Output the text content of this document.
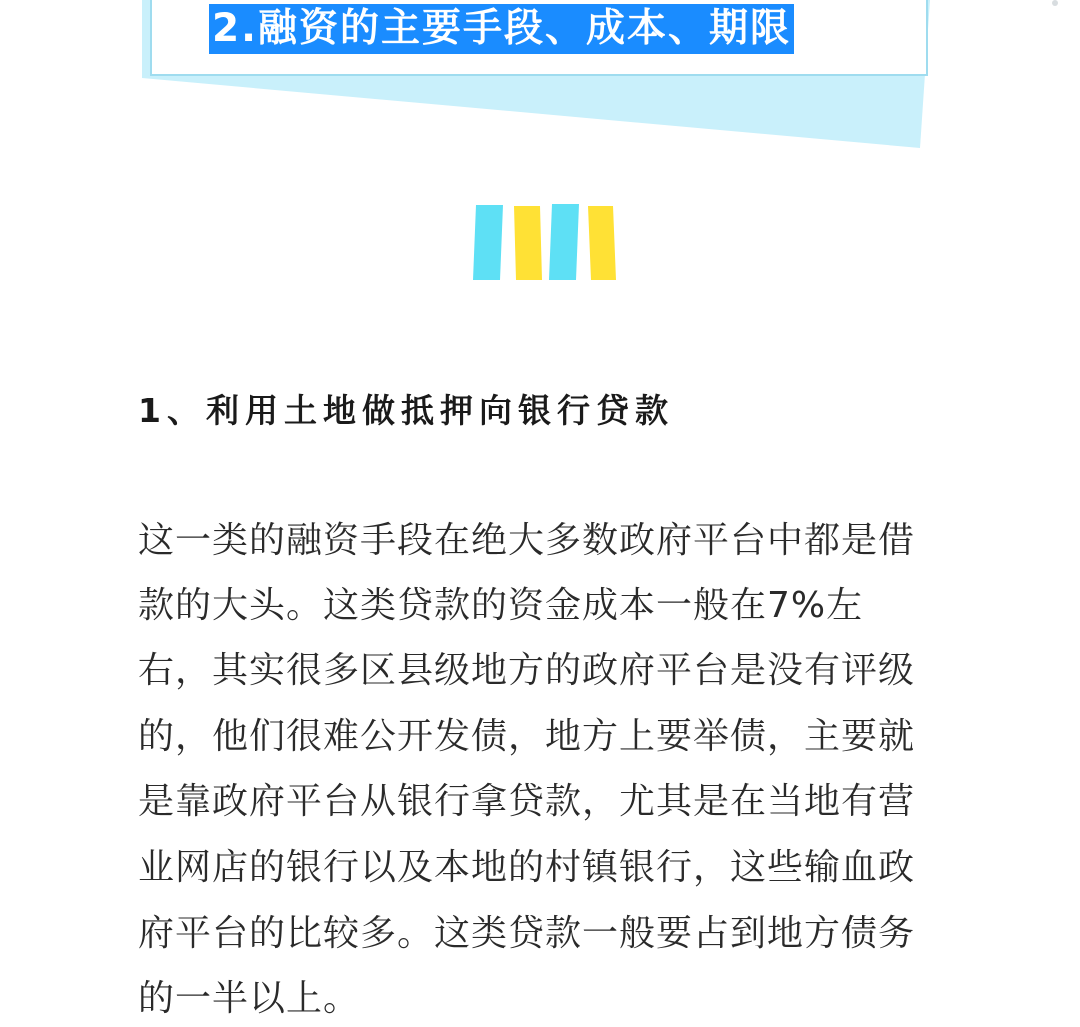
2.融资的主要手段、成本、期限
1、利用土地做抵押向银行贷款
这一类的融资手段在绝大多数政府平台中都是借
款的大头。这类贷款的资金成本一般在7%左
右，其实很多区县级地方的政府平台是没有评级
的，他们很难公开发债，地方上要举债，主要就
是靠政府平台从银行拿贷款，尤其是在当地有营
业网店的银行以及本地的村镇银行，这些输血政
府平台的比较多。这类贷款一般要占到地方债务
的一半以上。
